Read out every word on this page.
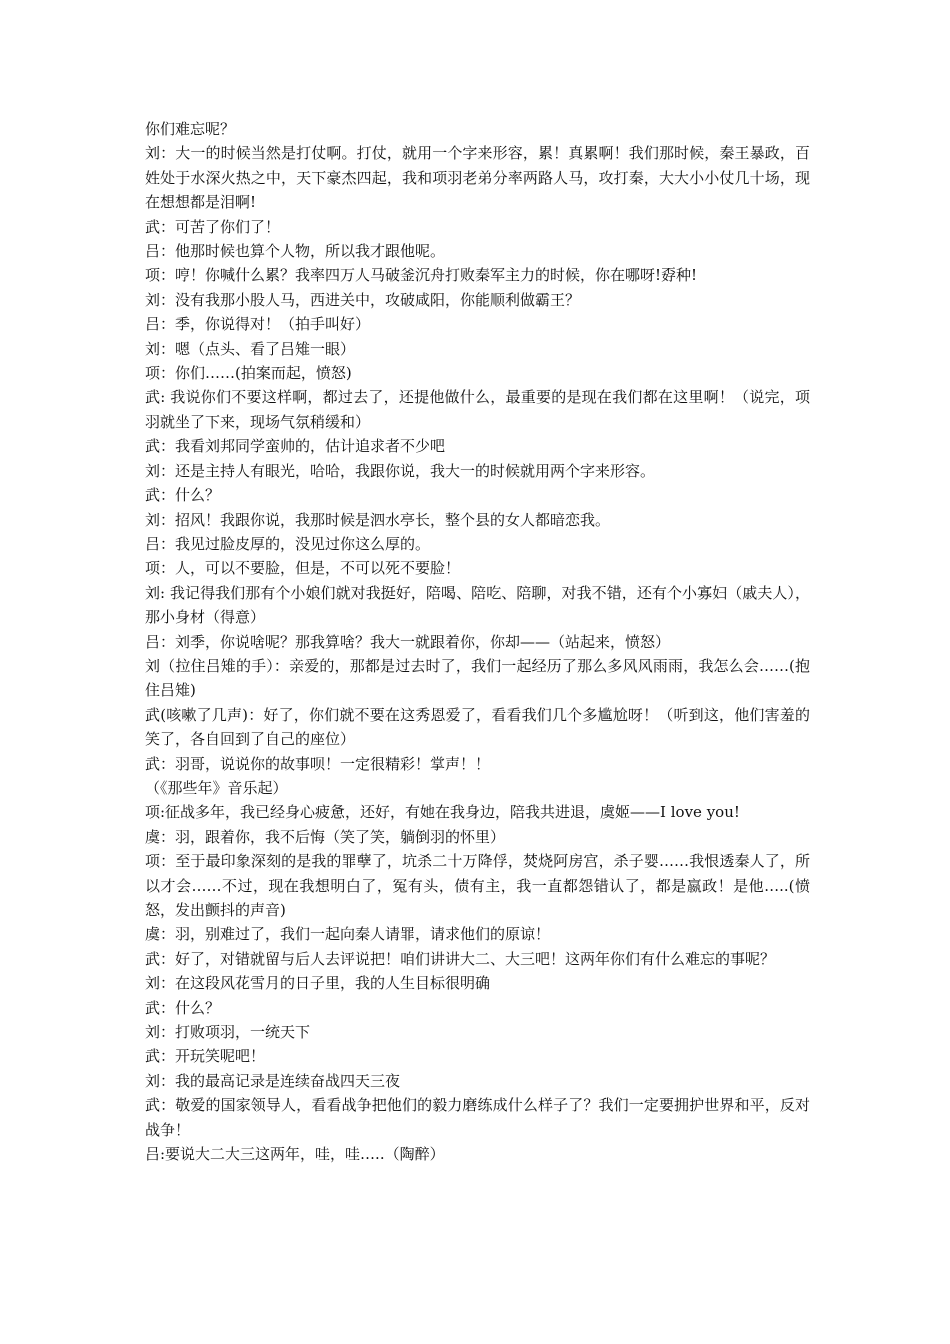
你们难忘呢？

刘：大一的时候当然是打仗啊。打仗，就用一个字来形容，累！真累啊！我们那时候，秦王暴政，百姓处于水深火热之中，天下豪杰四起，我和项羽老弟分率两路人马，攻打秦，大大小小仗几十场，现在想想都是泪啊!

武：可苦了你们了！

吕：他那时候也算个人物，所以我才跟他呢。

项：哼！你喊什么累？我率四万人马破釜沉舟打败秦军主力的时候，你在哪呀!孬种!

刘：没有我那小股人马，西进关中，攻破咸阳，你能顺利做霸王？

吕：季，你说得对！（拍手叫好）

刘：嗯（点头、看了吕雉一眼）

项：你们……(拍案而起，愤怒)

武: 我说你们不要这样啊，都过去了，还提他做什么，最重要的是现在我们都在这里啊！（说完，项羽就坐了下来，现场气氛稍缓和）

武：我看刘邦同学蛮帅的，估计追求者不少吧

刘：还是主持人有眼光，哈哈，我跟你说，我大一的时候就用两个字来形容。

武：什么？

刘：招风！我跟你说，我那时候是泗水亭长，整个县的女人都暗恋我。

吕：我见过脸皮厚的，没见过你这么厚的。

项：人，可以不要脸，但是，不可以死不要脸！

刘: 我记得我们那有个小娘们就对我挺好，陪喝、陪吃、陪聊，对我不错，还有个小寡妇（戚夫人），那小身材（得意）

吕：刘季，你说啥呢？那我算啥？我大一就跟着你，你却——（站起来，愤怒）

刘（拉住吕雉的手）：亲爱的，那都是过去时了，我们一起经历了那么多风风雨雨，我怎么会……(抱住吕雉)

武(咳嗽了几声)：好了，你们就不要在这秀恩爱了，看看我们几个多尴尬呀！（听到这，他们害羞的笑了，各自回到了自己的座位）

武：羽哥，说说你的故事呗！一定很精彩！掌声！！

（《那些年》音乐起）

项:征战多年，我已经身心疲惫，还好，有她在我身边，陪我共进退，虞姬——I love you!

虞：羽，跟着你，我不后悔（笑了笑，躺倒羽的怀里）

项：至于最印象深刻的是我的罪孽了，坑杀二十万降俘，焚烧阿房宫，杀子婴……我恨透秦人了，所以才会……不过，现在我想明白了，冤有头，债有主，我一直都怨错认了，都是嬴政！是他…..(愤怒，发出颤抖的声音)

虞：羽，别难过了，我们一起向秦人请罪，请求他们的原谅！

武：好了，对错就留与后人去评说把！咱们讲讲大二、大三吧！这两年你们有什么难忘的事呢？

刘：在这段风花雪月的日子里，我的人生目标很明确

武：什么？

刘：打败项羽，一统天下

武：开玩笑呢吧！

刘：我的最高记录是连续奋战四天三夜

武：敬爱的国家领导人，看看战争把他们的毅力磨练成什么样子了？我们一定要拥护世界和平，反对战争！

吕:要说大二大三这两年，哇，哇…..（陶醉）
